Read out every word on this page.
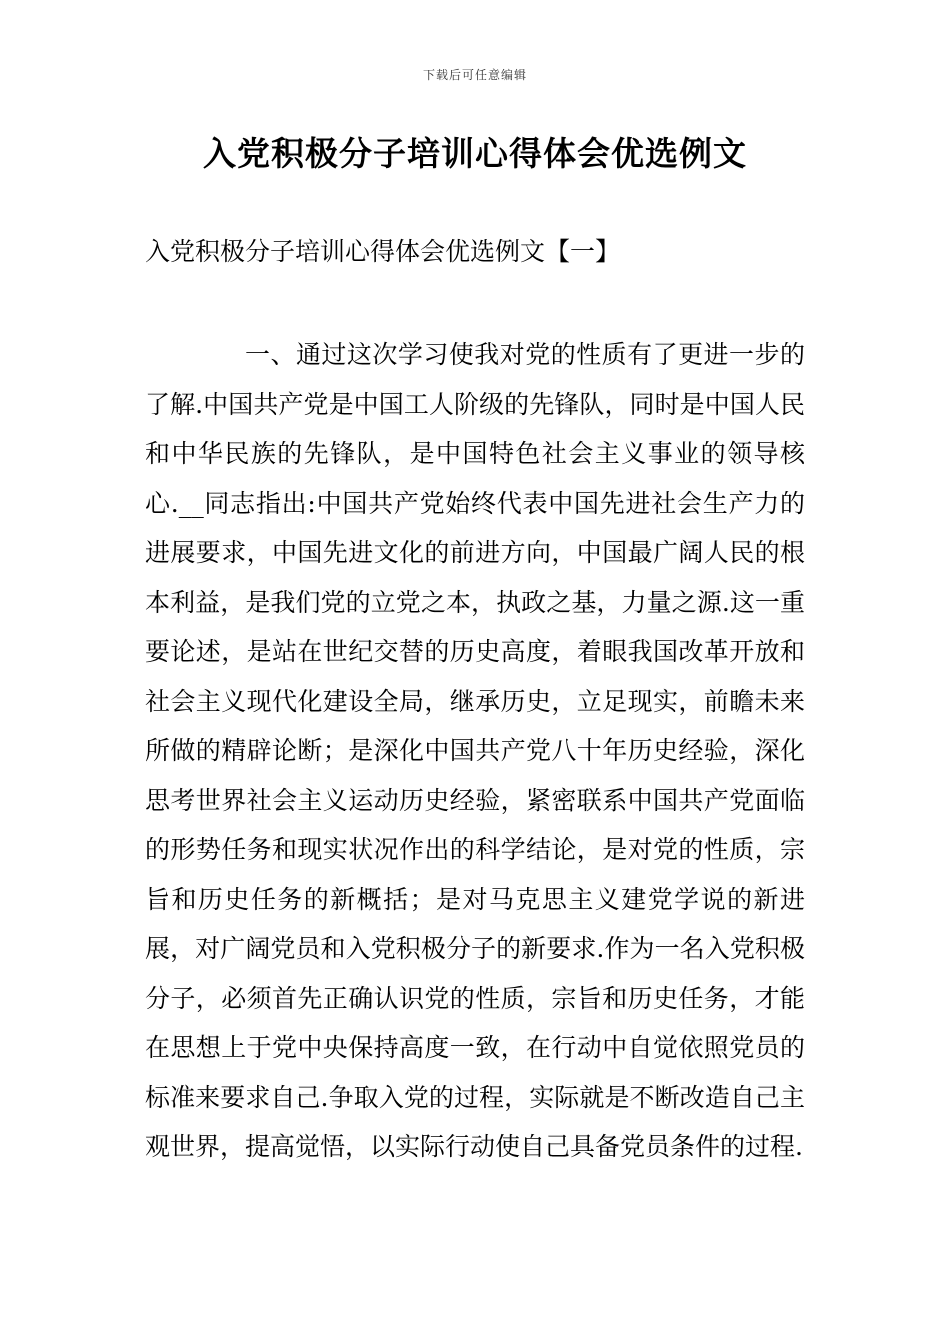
下载后可任意编辑
入党积极分子培训心得体会优选例文
入党积极分子培训心得体会优选例文【一】

一、通过这次学习使我对党的性质有了更进一步的了解.中国共产党是中国工人阶级的先锋队，同时是中国人民和中华民族的先锋队，是中国特色社会主义事业的领导核心.__同志指出:中国共产党始终代表中国先进社会生产力的进展要求，中国先进文化的前进方向，中国最广阔人民的根本利益，是我们党的立党之本，执政之基，力量之源.这一重要论述，是站在世纪交替的历史高度，着眼我国改革开放和社会主义现代化建设全局，继承历史，立足现实，前瞻未来所做的精辟论断；是深化中国共产党八十年历史经验，深化思考世界社会主义运动历史经验，紧密联系中国共产党面临的形势任务和现实状况作出的科学结论，是对党的性质，宗旨和历史任务的新概括；是对马克思主义建党学说的新进展，对广阔党员和入党积极分子的新要求.作为一名入党积极分子，必须首先正确认识党的性质，宗旨和历史任务，才能在思想上于党中央保持高度一致，在行动中自觉依照党员的标准来要求自己.争取入党的过程，实际就是不断改造自己主观世界，提高觉悟，以实际行动使自己具备党员条件的过程.
